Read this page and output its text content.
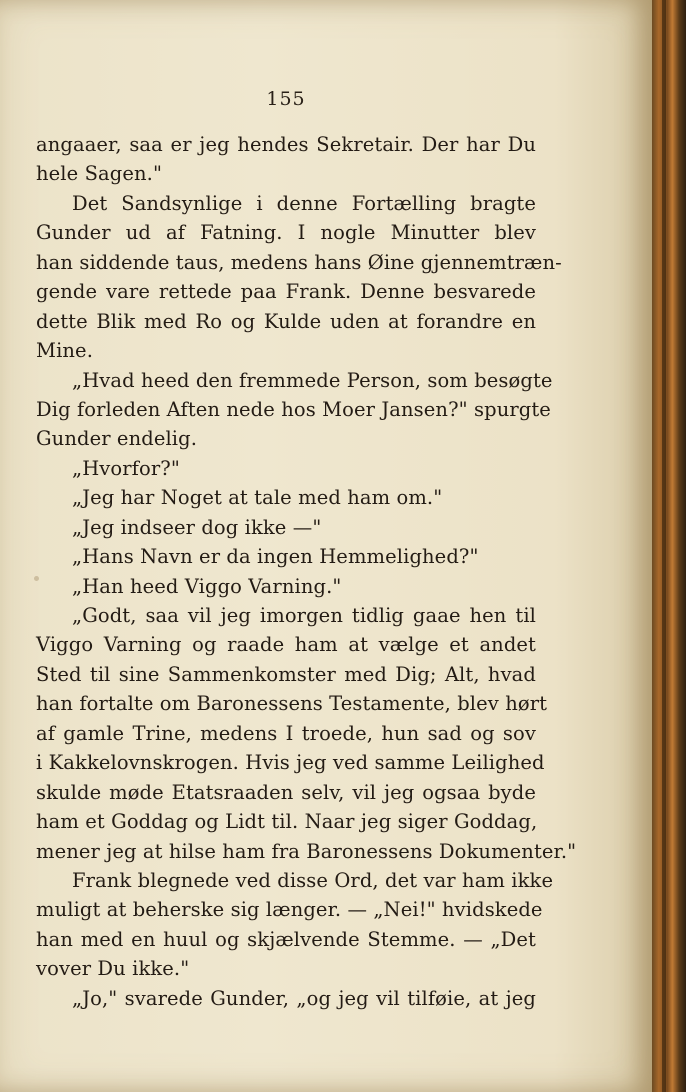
155
angaaer, saa er jeg hendes Sekretair. Der har Du
hele Sagen."
Det Sandsynlige i denne Fortælling bragte
Gunder ud af Fatning. I nogle Minutter blev
han siddende taus, medens hans Øine gjennemtræn-
gende vare rettede paa Frank. Denne besvarede
dette Blik med Ro og Kulde uden at forandre en
Mine.
„Hvad heed den fremmede Person, som besøgte
Dig forleden Aften nede hos Moer Jansen?" spurgte
Gunder endelig.
„Hvorfor?"
„Jeg har Noget at tale med ham om."
„Jeg indseer dog ikke —"
„Hans Navn er da ingen Hemmelighed?"
„Han heed Viggo Varning."
„Godt, saa vil jeg imorgen tidlig gaae hen til
Viggo Varning og raade ham at vælge et andet
Sted til sine Sammenkomster med Dig; Alt, hvad
han fortalte om Baronessens Testamente, blev hørt
af gamle Trine, medens I troede, hun sad og sov
i Kakkelovnskrogen. Hvis jeg ved samme Leilighed
skulde møde Etatsraaden selv, vil jeg ogsaa byde
ham et Goddag og Lidt til. Naar jeg siger Goddag,
mener jeg at hilse ham fra Baronessens Dokumenter."
Frank blegnede ved disse Ord, det var ham ikke
muligt at beherske sig længer. — „Nei!" hvidskede
han med en huul og skjælvende Stemme. — „Det
vover Du ikke."
„Jo," svarede Gunder, „og jeg vil tilføie, at jeg
